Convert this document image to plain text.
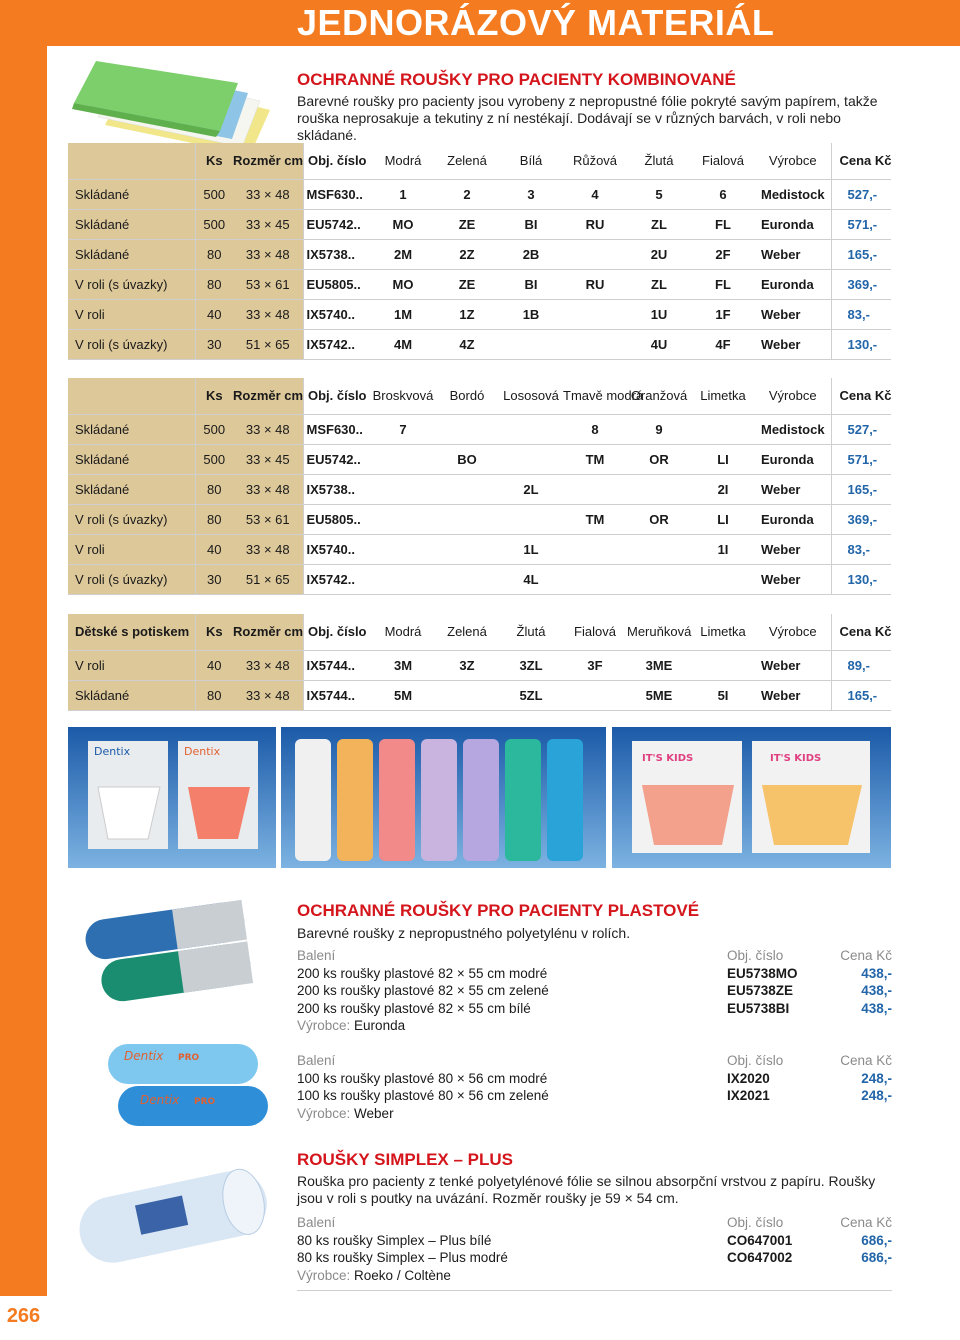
266
JEDNORÁZOVÝ MATERIÁL
OCHRANNÉ ROUŠKY PRO PACIENTY KOMBINOVANÉ
Barevné roušky pro pacienty jsou vyrobeny z nepropustné fólie pokryté savým papírem, takže rouška neprosakuje a tekutiny z ní nestékají. Dodávají se v různých barvách, v roli nebo skládané.
	Ks	Rozměr cm	Obj. číslo	Modrá	Zelená	Bílá	Růžová	Žlutá	Fialová	Výrobce	Cena Kč
Skládané	500	33 × 48	MSF630..	1	2	3	4	5	6	Medistock	527,-
Skládané	500	33 × 45	EU5742..	MO	ZE	BI	RU	ZL	FL	Euronda	571,-
Skládané	80	33 × 48	IX5738..	2M	2Z	2B		2U	2F	Weber	165,-
V roli (s úvazky)	80	53 × 61	EU5805..	MO	ZE	BI	RU	ZL	FL	Euronda	369,-
V roli	40	33 × 48	IX5740..	1M	1Z	1B		1U	1F	Weber	83,-
V roli (s úvazky)	30	51 × 65	IX5742..	4M	4Z			4U	4F	Weber	130,-
	Ks	Rozměr cm	Obj. číslo	Broskvová	Bordó	Lososová	Tmavě modrá	Oranžová	Limetka	Výrobce	Cena Kč
Skládané	500	33 × 48	MSF630..	7			8	9		Medistock	527,-
Skládané	500	33 × 45	EU5742..		BO		TM	OR	LI	Euronda	571,-
Skládané	80	33 × 48	IX5738..			2L			2I	Weber	165,-
V roli (s úvazky)	80	53 × 61	EU5805..				TM	OR	LI	Euronda	369,-
V roli	40	33 × 48	IX5740..			1L			1I	Weber	83,-
V roli (s úvazky)	30	51 × 65	IX5742..			4L				Weber	130,-
Dětské s potiskem	Ks	Rozměr cm	Obj. číslo	Modrá	Zelená	Žlutá	Fialová	Meruňková	Limetka	Výrobce	Cena Kč
V roli	40	33 × 48	IX5744..	3M	3Z	3ZL	3F	3ME		Weber	89,-
Skládané	80	33 × 48	IX5744..	5M		5ZL		5ME	5I	Weber	165,-
Dentix	Dentix
IT'S KIDS	IT'S KIDS
Dentix PRO
Dentix PRO
OCHRANNÉ ROUŠKY PRO PACIENTY PLASTOVÉ
Barevné roušky z nepropustného polyetylénu v rolích.
Balení	Obj. číslo	Cena Kč
200 ks roušky plastové 82 × 55 cm modré	EU5738MO	438,-
200 ks roušky plastové 82 × 55 cm zelené	EU5738ZE	438,-
200 ks roušky plastové 82 × 55 cm bílé	EU5738BI	438,-
Výrobce: Euronda
Balení	Obj. číslo	Cena Kč
100 ks roušky plastové 80 × 56 cm modré	IX2020	248,-
100 ks roušky plastové 80 × 56 cm zelené	IX2021	248,-
Výrobce: Weber
ROUŠKY SIMPLEX – PLUS
Rouška pro pacienty z tenké polyetylénové fólie se silnou absorpční vrstvou z papíru. Roušky jsou v roli s poutky na uvázání. Rozměr roušky je 59 × 54 cm.
Balení	Obj. číslo	Cena Kč
80 ks roušky Simplex – Plus bílé	CO647001	686,-
80 ks roušky Simplex – Plus modré	CO647002	686,-
Výrobce: Roeko / Coltène
